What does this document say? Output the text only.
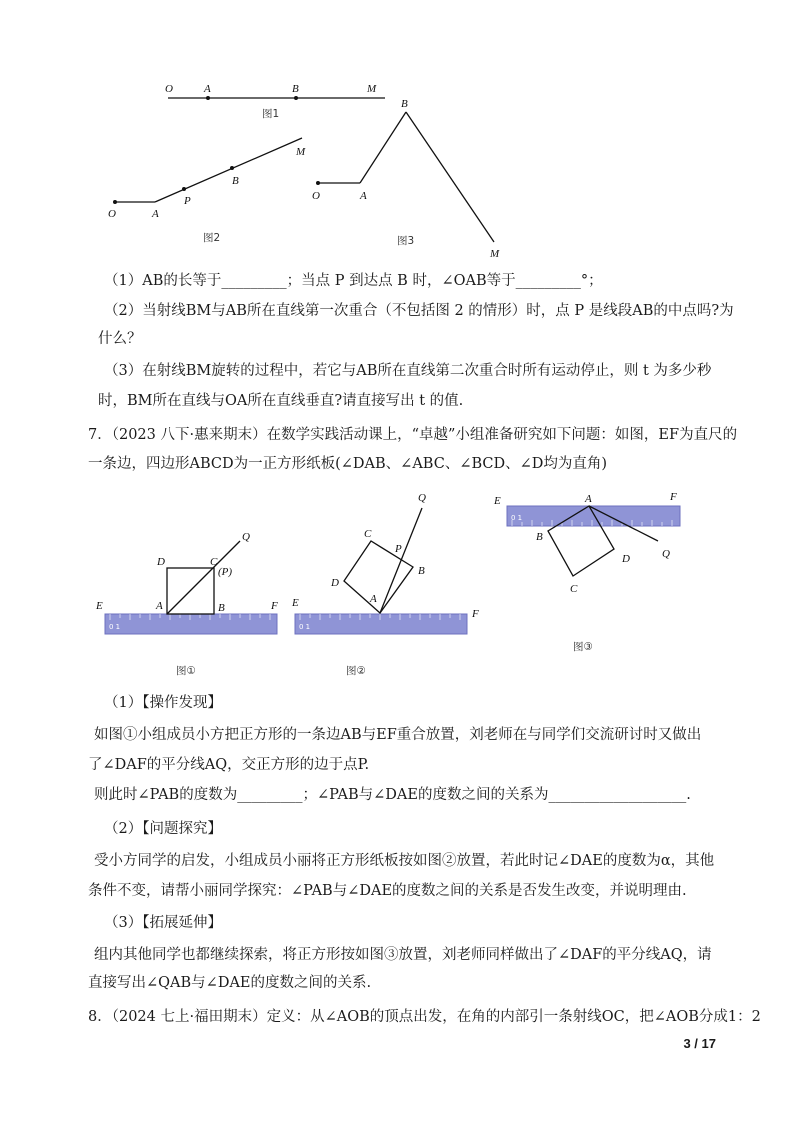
O	A	B	M
图1
O	A
P
B
M
图2
O	A
B
M
图3
（1）AB的长等于_________；当点 P 到达点 B 时，∠OAB等于_________°；
（2）当射线BM与AB所在直线第一次重合（不包括图 2 的情形）时，点 P 是线段AB的中点吗?为
什么？
（3）在射线BM旋转的过程中，若它与AB所在直线第二次重合时所有运动停止，则 t 为多少秒
时，BM所在直线与OA所在直线垂直?请直接写出 t 的值.
7．（2023 八下·惠来期末）在数学实践活动课上，“卓越”小组准备研究如下问题：如图，EF为直尺的
一条边，四边形ABCD为一正方形纸板(∠DAB、∠ABC、∠BCD、∠D均为直角)
0 1
D	C
(P)
Q
E	A	B	F
图①
0 1
Q
C
P
B
D
E	A
F
图②
0 1
E	A	F
B
D	Q
C
图③
（1）【操作发现】
如图①小组成员小方把正方形的一条边AB与EF重合放置，刘老师在与同学们交流研讨时又做出
了∠DAF的平分线AQ，交正方形的边于点P.
则此时∠PAB的度数为_________；∠PAB与∠DAE的度数之间的关系为___________________.
（2）【问题探究】
受小方同学的启发，小组成员小丽将正方形纸板按如图②放置，若此时记∠DAE的度数为α，其他
条件不变，请帮小丽同学探究：∠PAB与∠DAE的度数之间的关系是否发生改变，并说明理由.
（3）【拓展延伸】
组内其他同学也都继续探索，将正方形按如图③放置，刘老师同样做出了∠DAF的平分线AQ，请
直接写出∠QAB与∠DAE的度数之间的关系.
8．（2024 七上·福田期末）定义：从∠AOB的顶点出发，在角的内部引一条射线OC，把∠AOB分成1：2
3 / 17
